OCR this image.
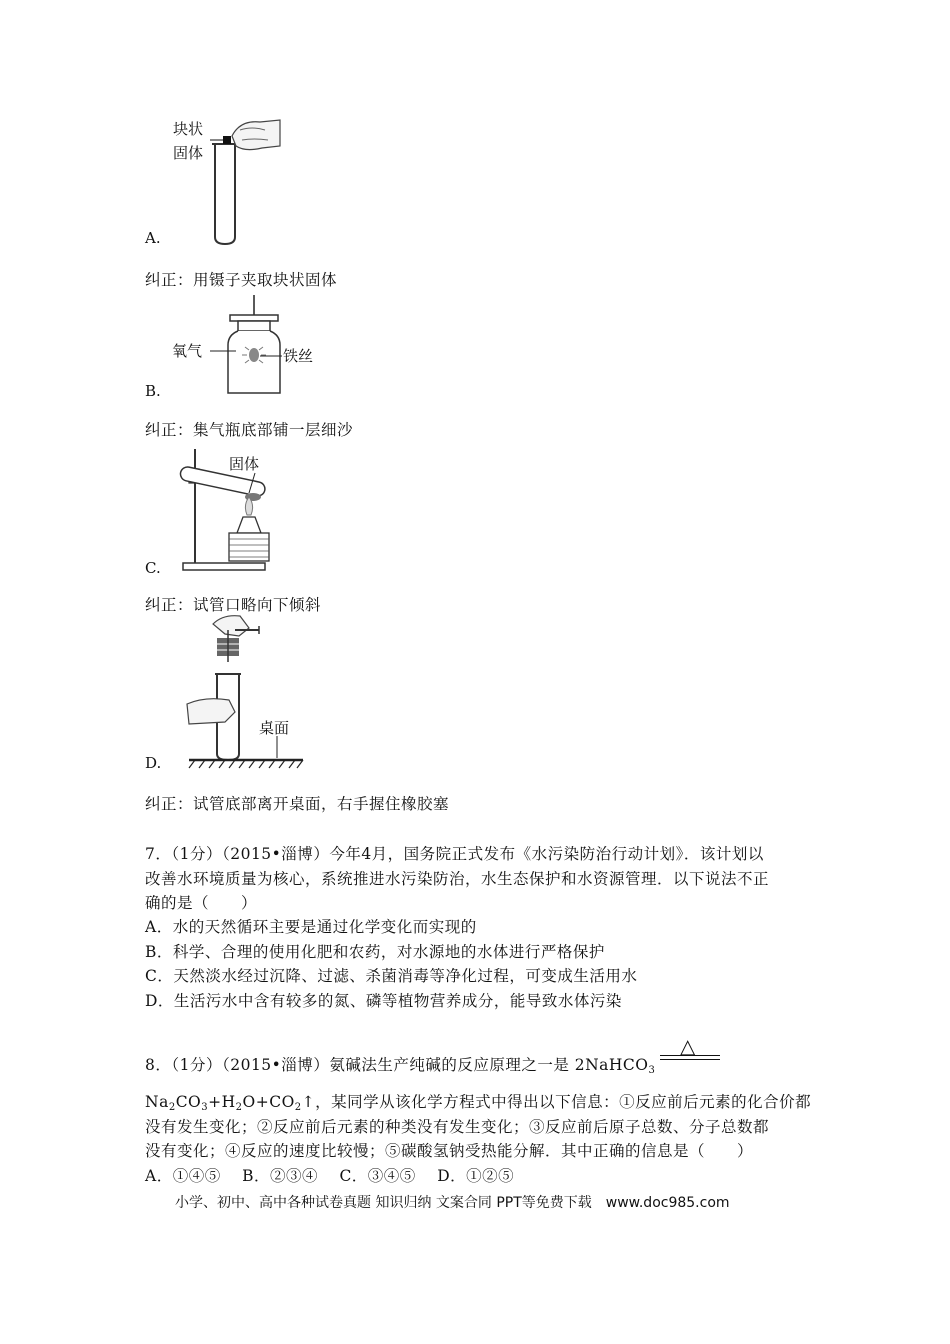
块状
固体
A.
纠正：用镊子夹取块状固体
氧气	铁丝
B.
纠正：集气瓶底部铺一层细沙
固体
C.
纠正：试管口略向下倾斜
桌面
D.
纠正：试管底部离开桌面，右手握住橡胶塞
7．（1分）（2015•淄博）今年4月，国务院正式发布《水污染防治行动计划》．该计划以
改善水环境质量为核心，系统推进水污染防治，水生态保护和水资源管理．以下说法不正
确的是（　　）
A．水的天然循环主要是通过化学变化而实现的
B．科学、合理的使用化肥和农药，对水源地的水体进行严格保护
C．天然淡水经过沉降、过滤、杀菌消毒等净化过程，可变成生活用水
D．生活污水中含有较多的氮、磷等植物营养成分，能导致水体污染
8．（1分）（2015•淄博）氨碱法生产纯碱的反应原理之一是 2NaHCO$_3$
△
$Na_2CO_3+H_2O+CO_2↑$，某同学从该化学方程式中得出以下信息：①反应前后元素的化合价都
没有发生变化；②反应前后元素的种类没有发生变化；③反应前后原子总数、分子总数都
没有变化；④反应的速度比较慢；⑤碳酸氢钠受热能分解．其中正确的信息是（　　）
A．①④⑤　 B．②③④　 C．③④⑤　 D．①②⑤
小学、初中、高中各种试卷真题 知识归纳 文案合同 PPT等免费下载　www.doc985.com
